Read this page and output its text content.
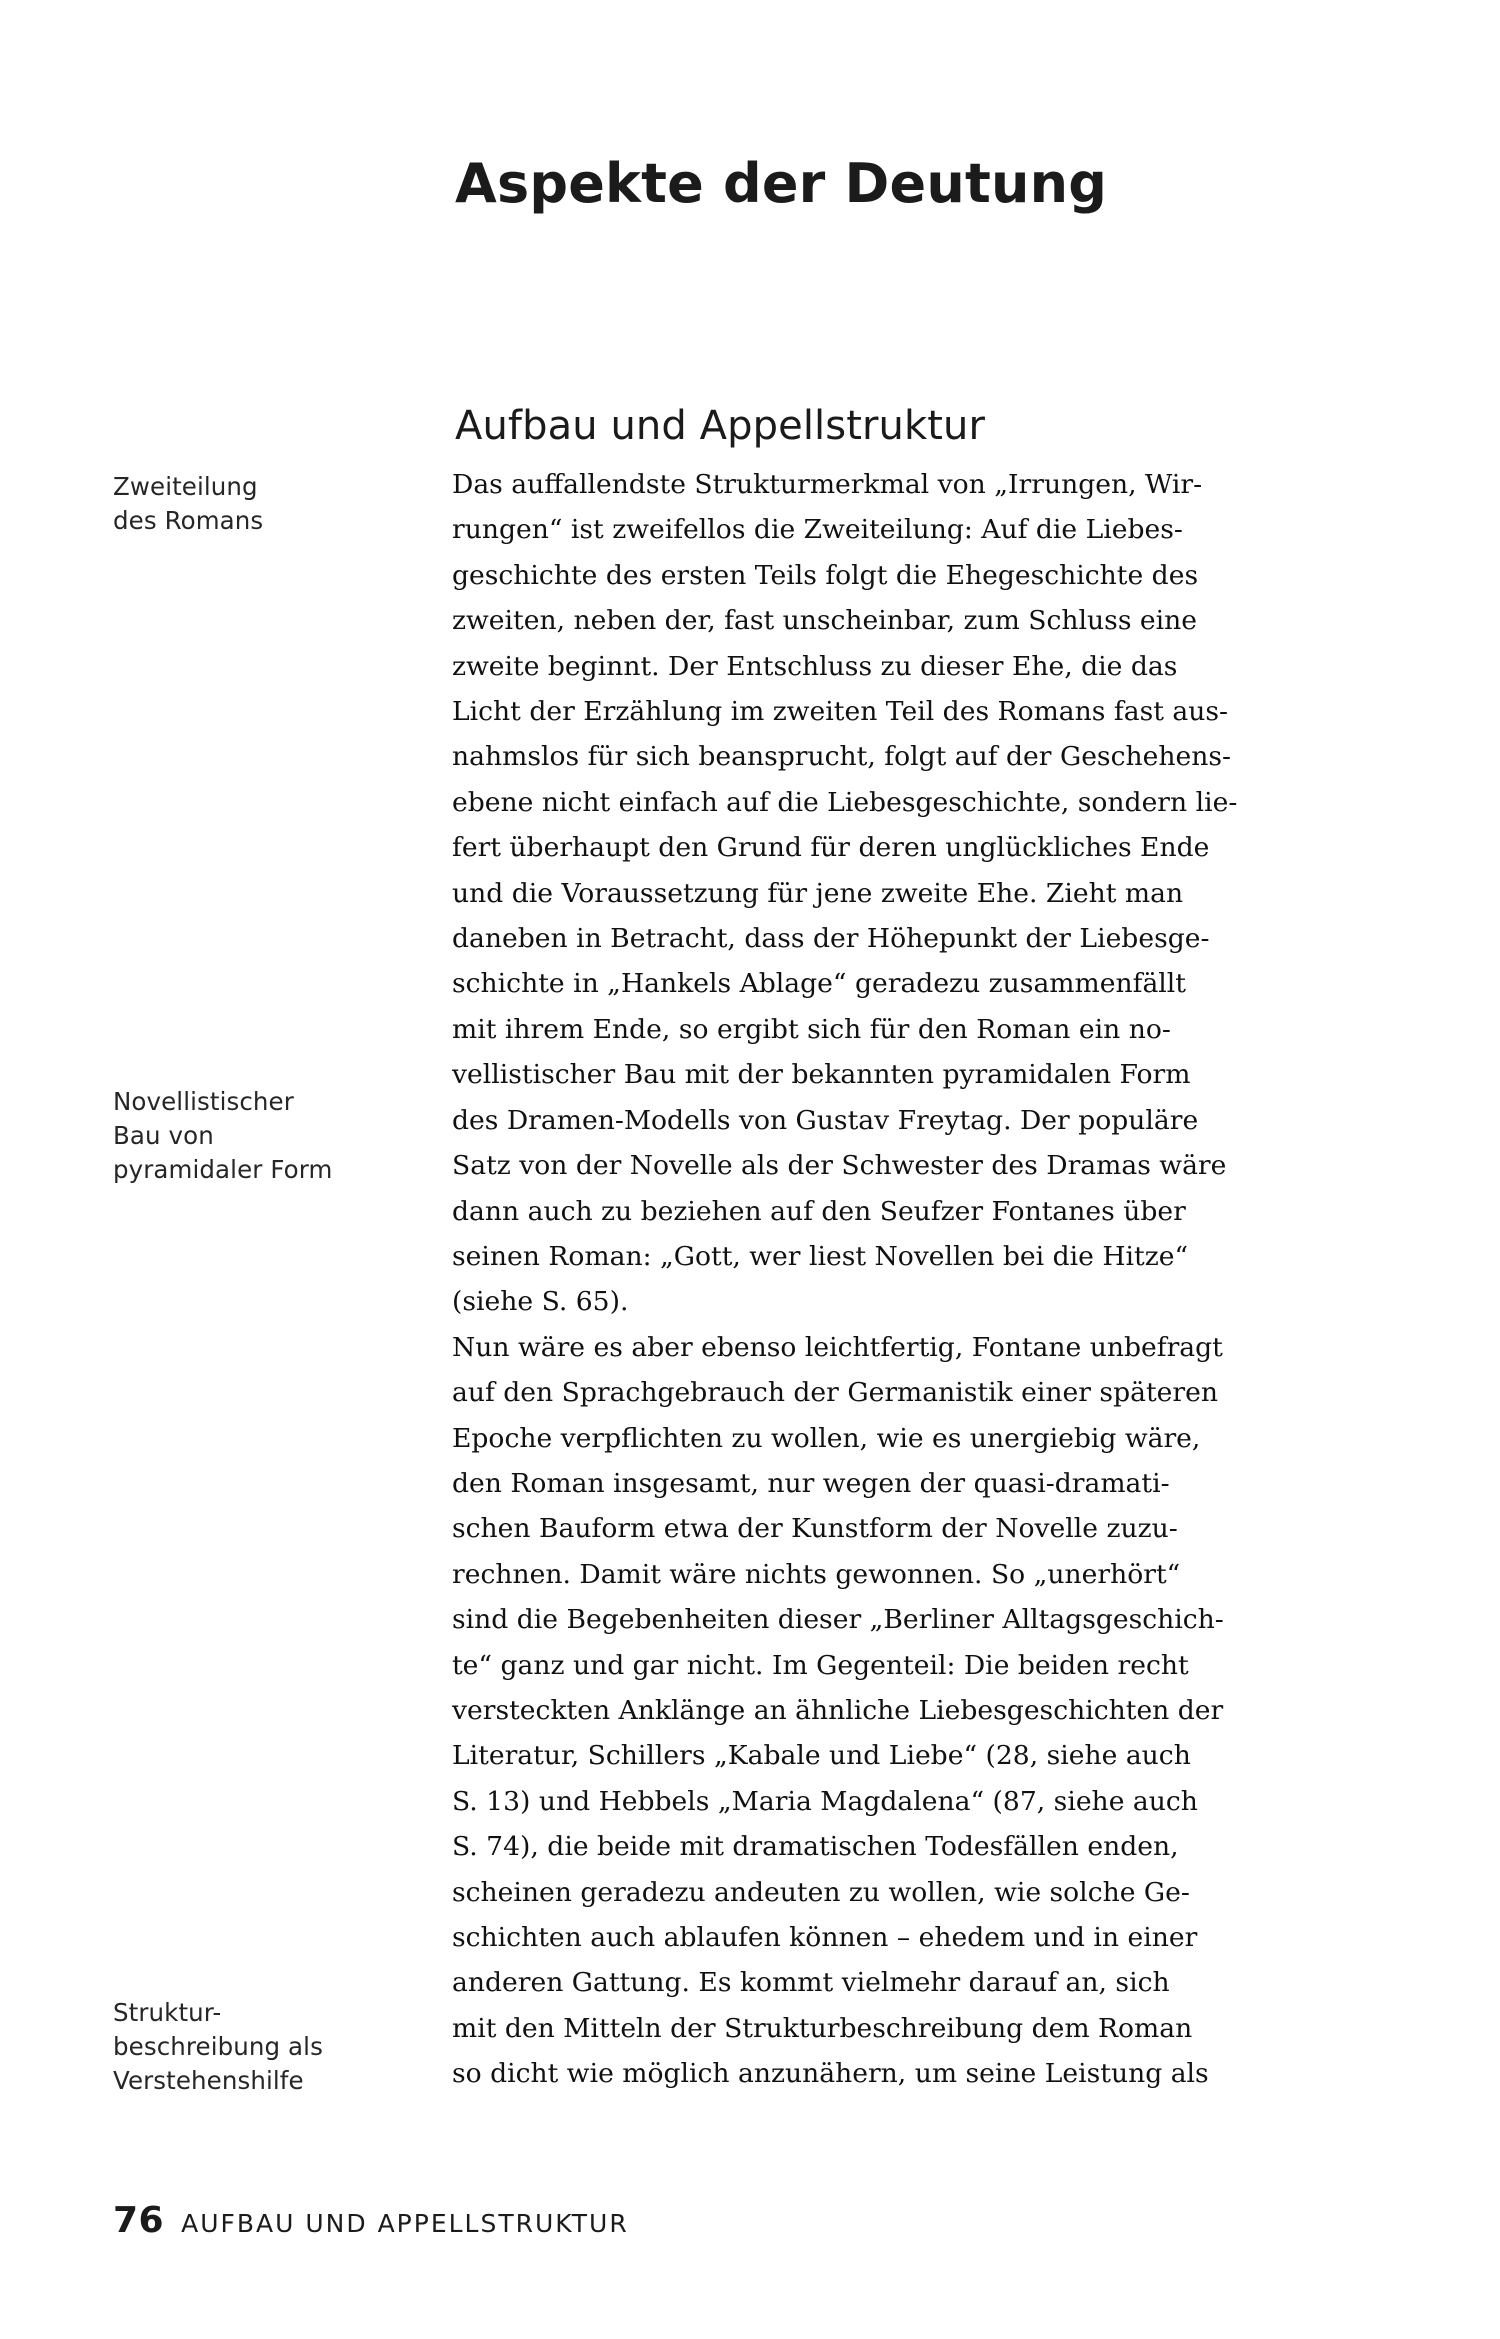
Aspekte der Deutung
Aufbau und Appellstruktur
Zweiteilung
des Romans
Novellistischer
Bau von
pyramidaler Form
Struktur-
beschreibung als
Verstehenshilfe

Das auffallendste Strukturmerkmal von „Irrungen, Wir-
rungen“ ist zweifellos die Zweiteilung: Auf die Liebes-
geschichte des ersten Teils folgt die Ehegeschichte des
zweiten, neben der, fast unscheinbar, zum Schluss eine
zweite beginnt. Der Entschluss zu dieser Ehe, die das
Licht der Erzählung im zweiten Teil des Romans fast aus-
nahmslos für sich beansprucht, folgt auf der Geschehens-
ebene nicht einfach auf die Liebesgeschichte, sondern lie-
fert überhaupt den Grund für deren unglückliches Ende
und die Voraussetzung für jene zweite Ehe. Zieht man
daneben in Betracht, dass der Höhepunkt der Liebesge-
schichte in „Hankels Ablage“ geradezu zusammenfällt
mit ihrem Ende, so ergibt sich für den Roman ein no-
vellistischer Bau mit der bekannten pyramidalen Form
des Dramen-Modells von Gustav Freytag. Der populäre
Satz von der Novelle als der Schwester des Dramas wäre
dann auch zu beziehen auf den Seufzer Fontanes über
seinen Roman: „Gott, wer liest Novellen bei die Hitze“
(siehe S. 65).

Nun wäre es aber ebenso leichtfertig, Fontane unbefragt
auf den Sprachgebrauch der Germanistik einer späteren
Epoche verpflichten zu wollen, wie es unergiebig wäre,
den Roman insgesamt, nur wegen der quasi-dramati-
schen Bauform etwa der Kunstform der Novelle zuzu-
rechnen. Damit wäre nichts gewonnen. So „unerhört“
sind die Begebenheiten dieser „Berliner Alltagsgeschich-
te“ ganz und gar nicht. Im Gegenteil: Die beiden recht
versteckten Anklänge an ähnliche Liebesgeschichten der
Literatur, Schillers „Kabale und Liebe“ (28, siehe auch
S. 13) und Hebbels „Maria Magdalena“ (87, siehe auch
S. 74), die beide mit dramatischen Todesfällen enden,
scheinen geradezu andeuten zu wollen, wie solche Ge-
schichten auch ablaufen können – ehedem und in einer
anderen Gattung. Es kommt vielmehr darauf an, sich
mit den Mitteln der Strukturbeschreibung dem Roman
so dicht wie möglich anzunähern, um seine Leistung als

76 AUFBAU UND APPELLSTRUKTUR
